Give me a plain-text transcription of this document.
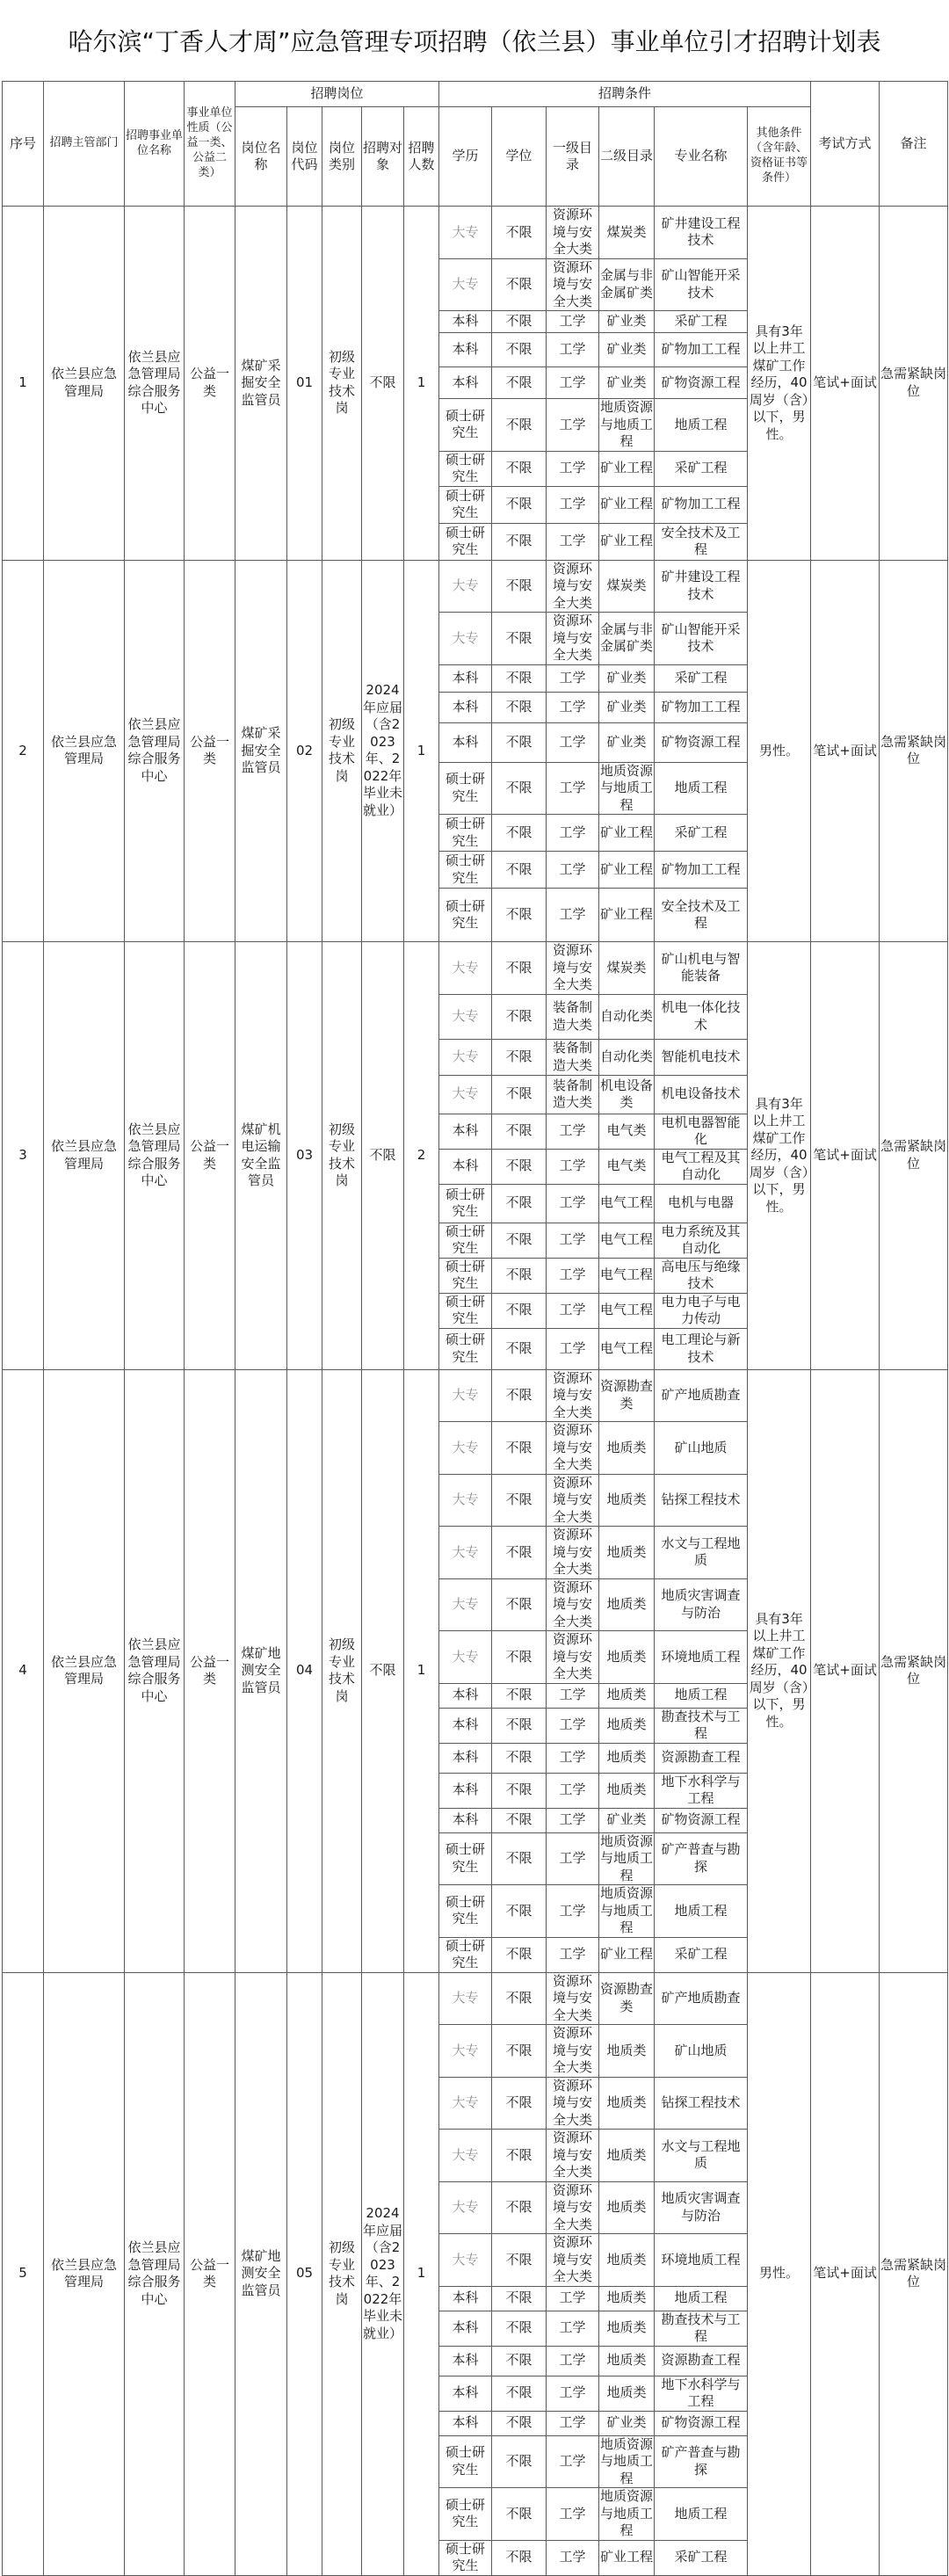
哈尔滨“丁香人才周”应急管理专项招聘（依兰县）事业单位引才招聘计划表
序号	招聘主管部门	招聘事业单位名称	事业单位性质（公益一类、公益二类）	招聘岗位					招聘条件						考试方式	备注
				岗位名称	岗位代码	岗位类别	招聘对象	招聘人数	学历	学位	一级目录	二级目录	专业名称	其他条件（含年龄、资格证书等条件）		
1	依兰县应急管理局	依兰县应急管理局综合服务中心	公益一类	煤矿采掘安全监管员	01	初级专业技术岗	不限	1	大专	不限	资源环境与安全大类	煤炭类	矿井建设工程技术	具有3年以上井工煤矿工作经历，40周岁（含）以下，男性。	笔试+面试	急需紧缺岗位
									大专	不限	资源环境与安全大类	金属与非金属矿类	矿山智能开采技术			
									本科	不限	工学	矿业类	采矿工程			
									本科	不限	工学	矿业类	矿物加工工程			
									本科	不限	工学	矿业类	矿物资源工程			
									硕士研究生	不限	工学	地质资源与地质工程	地质工程			
									硕士研究生	不限	工学	矿业工程	采矿工程			
									硕士研究生	不限	工学	矿业工程	矿物加工工程			
									硕士研究生	不限	工学	矿业工程	安全技术及工程			
2	依兰县应急管理局	依兰县应急管理局综合服务中心	公益一类	煤矿采掘安全监管员	02	初级专业技术岗	2024年应届（含2023年、2022年毕业未就业）	1	大专	不限	资源环境与安全大类	煤炭类	矿井建设工程技术	男性。	笔试+面试	急需紧缺岗位
									大专	不限	资源环境与安全大类	金属与非金属矿类	矿山智能开采技术			
									本科	不限	工学	矿业类	采矿工程			
									本科	不限	工学	矿业类	矿物加工工程			
									本科	不限	工学	矿业类	矿物资源工程			
									硕士研究生	不限	工学	地质资源与地质工程	地质工程			
									硕士研究生	不限	工学	矿业工程	采矿工程			
									硕士研究生	不限	工学	矿业工程	矿物加工工程			
									硕士研究生	不限	工学	矿业工程	安全技术及工程			
3	依兰县应急管理局	依兰县应急管理局综合服务中心	公益一类	煤矿机电运输安全监管员	03	初级专业技术岗	不限	2	大专	不限	资源环境与安全大类	煤炭类	矿山机电与智能装备	具有3年以上井工煤矿工作经历，40周岁（含）以下，男性。	笔试+面试	急需紧缺岗位
									大专	不限	装备制造大类	自动化类	机电一体化技术			
									大专	不限	装备制造大类	自动化类	智能机电技术			
									大专	不限	装备制造大类	机电设备类	机电设备技术			
									本科	不限	工学	电气类	电机电器智能化			
									本科	不限	工学	电气类	电气工程及其自动化			
									硕士研究生	不限	工学	电气工程	电机与电器			
									硕士研究生	不限	工学	电气工程	电力系统及其自动化			
									硕士研究生	不限	工学	电气工程	高电压与绝缘技术			
									硕士研究生	不限	工学	电气工程	电力电子与电力传动			
									硕士研究生	不限	工学	电气工程	电工理论与新技术			
4	依兰县应急管理局	依兰县应急管理局综合服务中心	公益一类	煤矿地测安全监管员	04	初级专业技术岗	不限	1	大专	不限	资源环境与安全大类	资源勘查类	矿产地质勘查	具有3年以上井工煤矿工作经历，40周岁（含）以下，男性。	笔试+面试	急需紧缺岗位
									大专	不限	资源环境与安全大类	地质类	矿山地质			
									大专	不限	资源环境与安全大类	地质类	钻探工程技术			
									大专	不限	资源环境与安全大类	地质类	水文与工程地质			
									大专	不限	资源环境与安全大类	地质类	地质灾害调查与防治			
									大专	不限	资源环境与安全大类	地质类	环境地质工程			
									本科	不限	工学	地质类	地质工程			
									本科	不限	工学	地质类	勘查技术与工程			
									本科	不限	工学	地质类	资源勘查工程			
									本科	不限	工学	地质类	地下水科学与工程			
									本科	不限	工学	矿业类	矿物资源工程			
									硕士研究生	不限	工学	地质资源与地质工程	矿产普查与勘探			
									硕士研究生	不限	工学	地质资源与地质工程	地质工程			
									硕士研究生	不限	工学	矿业工程	采矿工程			
5	依兰县应急管理局	依兰县应急管理局综合服务中心	公益一类	煤矿地测安全监管员	05	初级专业技术岗	2024年应届（含2023年、2022年毕业未就业）	1	大专	不限	资源环境与安全大类	资源勘查类	矿产地质勘查	男性。	笔试+面试	急需紧缺岗位
									大专	不限	资源环境与安全大类	地质类	矿山地质			
									大专	不限	资源环境与安全大类	地质类	钻探工程技术			
									大专	不限	资源环境与安全大类	地质类	水文与工程地质			
									大专	不限	资源环境与安全大类	地质类	地质灾害调查与防治			
									大专	不限	资源环境与安全大类	地质类	环境地质工程			
									本科	不限	工学	地质类	地质工程			
									本科	不限	工学	地质类	勘查技术与工程			
									本科	不限	工学	地质类	资源勘查工程			
									本科	不限	工学	地质类	地下水科学与工程			
									本科	不限	工学	矿业类	矿物资源工程			
									硕士研究生	不限	工学	地质资源与地质工程	矿产普查与勘探			
									硕士研究生	不限	工学	地质资源与地质工程	地质工程			
									硕士研究生	不限	工学	矿业工程	采矿工程			
